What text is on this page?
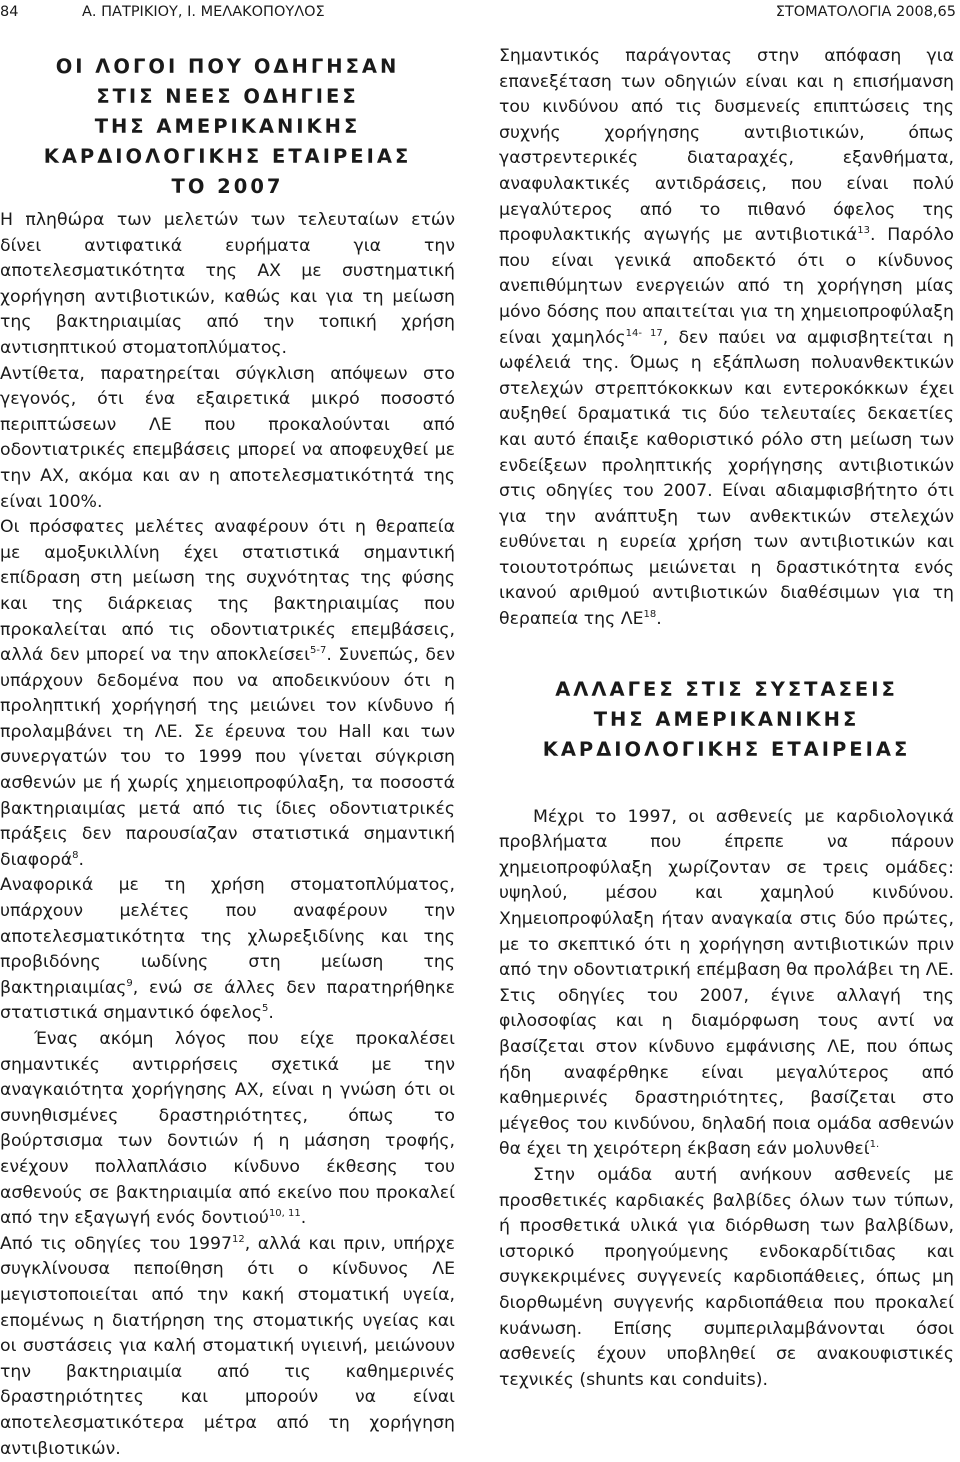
84	Α. ΠΑΤΡΙΚΙΟΥ, Ι. ΜΕΛΑΚΟΠΟΥΛΟΣ	ΣΤΟΜΑΤΟΛΟΓΙΑ 2008,65
ΟΙ ΛΟΓΟΙ ΠΟΥ ΟΔΗΓΗΣΑΝ
ΣΤΙΣ ΝΕΕΣ ΟΔΗΓΙΕΣ
ΤΗΣ ΑΜΕΡΙΚΑΝΙΚΗΣ
ΚΑΡΔΙΟΛΟΓΙΚΗΣ ΕΤΑΙΡΕΙΑΣ
ΤΟ 2007

Η πληθώρα των μελετών των τελευταίων ετών δίνει αντιφατικά ευρήματα για την αποτελεσματικότητα της ΑΧ με συστηματική χορήγηση αντιβιοτικών, καθώς και για τη μείωση της βακτηριαιμίας από την τοπική χρήση αντισηπτικού στοματοπλύματος.

Αντίθετα, παρατηρείται σύγκλιση απόψεων στο γεγονός, ότι ένα εξαιρετικά μικρό ποσοστό περιπτώσεων ΛΕ που προκαλούνται από οδοντιατρικές επεμβάσεις μπορεί να αποφευχθεί με την ΑΧ, ακόμα και αν η αποτελεσματικότητά της είναι 100%.

Οι πρόσφατες μελέτες αναφέρουν ότι η θεραπεία με αμοξυκιλλίνη έχει στατιστικά σημαντική επίδραση στη μείωση της συχνότητας της φύσης και της διάρκειας της βακτηριαιμίας που προκαλείται από τις οδοντιατρικές επεμβάσεις, αλλά δεν μπορεί να την αποκλείσει$^{5-7}$. Συνεπώς, δεν υπάρχουν δεδομένα που να αποδεικνύουν ότι η προληπτική χορήγησή της μειώνει τον κίνδυνο ή προλαμβάνει τη ΛΕ. Σε έρευνα του Hall και των συνεργατών του το 1999 που γίνεται σύγκριση ασθενών με ή χωρίς χημειοπροφύλαξη, τα ποσοστά βακτηριαιμίας μετά από τις ίδιες οδοντιατρικές πράξεις δεν παρουσίαζαν στατιστικά σημαντική διαφορά$^8$.

Αναφορικά με τη χρήση στοματοπλύματος, υπάρχουν μελέτες που αναφέρουν την αποτελεσματικότητα της χλωρεξιδίνης και της προβιδόνης ιωδίνης στη μείωση της βακτηριαιμίας$^9$, ενώ σε άλλες δεν παρατηρήθηκε στατιστικά σημαντικό όφελος$^5$.

Ένας ακόμη λόγος που είχε προκαλέσει σημαντικές αντιρρήσεις σχετικά με την αναγκαιότητα χορήγησης ΑΧ, είναι η γνώση ότι οι συνηθισμένες δραστηριότητες, όπως το βούρτσισμα των δοντιών ή η μάσηση τροφής, ενέχουν πολλαπλάσιο κίνδυνο έκθεσης του ασθενούς σε βακτηριαιμία από εκείνο που προκαλεί από την εξαγωγή ενός δοντιού$^{10, 11}$.

Από τις οδηγίες του 1997$^{12}$, αλλά και πριν, υπήρχε συγκλίνουσα πεποίθηση ότι ο κίνδυνος ΛΕ μεγιστοποιείται από την κακή στοματική υγεία, επομένως η διατήρηση της στοματικής υγείας και οι συστάσεις για καλή στοματική υγιεινή, μειώνουν την βακτηριαιμία από τις καθημερινές δραστηριότητες και μπορούν να είναι αποτελεσματικότερα μέτρα από τη χορήγηση αντιβιοτικών.

Σημαντικός παράγοντας στην απόφαση για επανεξέταση των οδηγιών είναι και η επισήμανση του κινδύνου από τις δυσμενείς επιπτώσεις της συχνής χορήγησης αντιβιοτικών, όπως γαστρεντερικές διαταραχές, εξανθήματα, αναφυλακτικές αντιδράσεις, που είναι πολύ μεγαλύτερος από το πιθανό όφελος της προφυλακτικής αγωγής με αντιβιοτικά$^{13}$. Παρόλο που είναι γενικά αποδεκτό ότι ο κίνδυνος ανεπιθύμητων ενεργειών από τη χορήγηση μίας μόνο δόσης που απαιτείται για τη χημειοπροφύλαξη είναι χαμηλός$^{14- 17}$, δεν παύει να αμφισβητείται η ωφέλειά της. Όμως η εξάπλωση πολυανθεκτικών στελεχών στρεπτόκοκκων και εντεροκόκκων έχει αυξηθεί δραματικά τις δύο τελευταίες δεκαετίες και αυτό έπαιξε καθοριστικό ρόλο στη μείωση των ενδείξεων προληπτικής χορήγησης αντιβιοτικών στις οδηγίες του 2007. Είναι αδιαμφισβήτητο ότι για την ανάπτυξη των ανθεκτικών στελεχών ευθύνεται η ευρεία χρήση των αντιβιοτικών και τοιουτοτρόπως μειώνεται η δραστικότητα ενός ικανού αριθμού αντιβιοτικών διαθέσιμων για τη θεραπεία της ΛΕ$^{18}$.

ΑΛΛΑΓΕΣ ΣΤΙΣ ΣΥΣΤΑΣΕΙΣ
ΤΗΣ ΑΜΕΡΙΚΑΝΙΚΗΣ
ΚΑΡΔΙΟΛΟΓΙΚΗΣ ΕΤΑΙΡΕΙΑΣ

Μέχρι το 1997, οι ασθενείς με καρδιολογικά προβλήματα που έπρεπε να πάρουν χημειοπροφύλαξη χωρίζονταν σε τρεις ομάδες: υψηλού, μέσου και χαμηλού κινδύνου. Χημειοπροφύλαξη ήταν αναγκαία στις δύο πρώτες, με το σκεπτικό ότι η χορήγηση αντιβιοτικών πριν από την οδοντιατρική επέμβαση θα προλάβει τη ΛΕ. Στις οδηγίες του 2007, έγινε αλλαγή της φιλοσοφίας και η διαμόρφωση τους αντί να βασίζεται στον κίνδυνο εμφάνισης ΛΕ, που όπως ήδη αναφέρθηκε είναι μεγαλύτερος από καθημερινές δραστηριότητες, βασίζεται στο μέγεθος του κινδύνου, δηλαδή ποια ομάδα ασθενών θα έχει τη χειρότερη έκβαση εάν μολυνθεί$^{1.}$

Στην ομάδα αυτή ανήκουν ασθενείς με προσθετικές καρδιακές βαλβίδες όλων των τύπων, ή προσθετικά υλικά για διόρθωση των βαλβίδων, ιστορικό προηγούμενης ενδοκαρδίτιδας και συγκεκριμένες συγγενείς καρδιοπάθειες, όπως μη διορθωμένη συγγενής καρδιοπάθεια που προκαλεί κυάνωση. Επίσης συμπεριλαμβάνονται όσοι ασθενείς έχουν υποβληθεί σε ανακουφιστικές τεχνικές (shunts και conduits).
